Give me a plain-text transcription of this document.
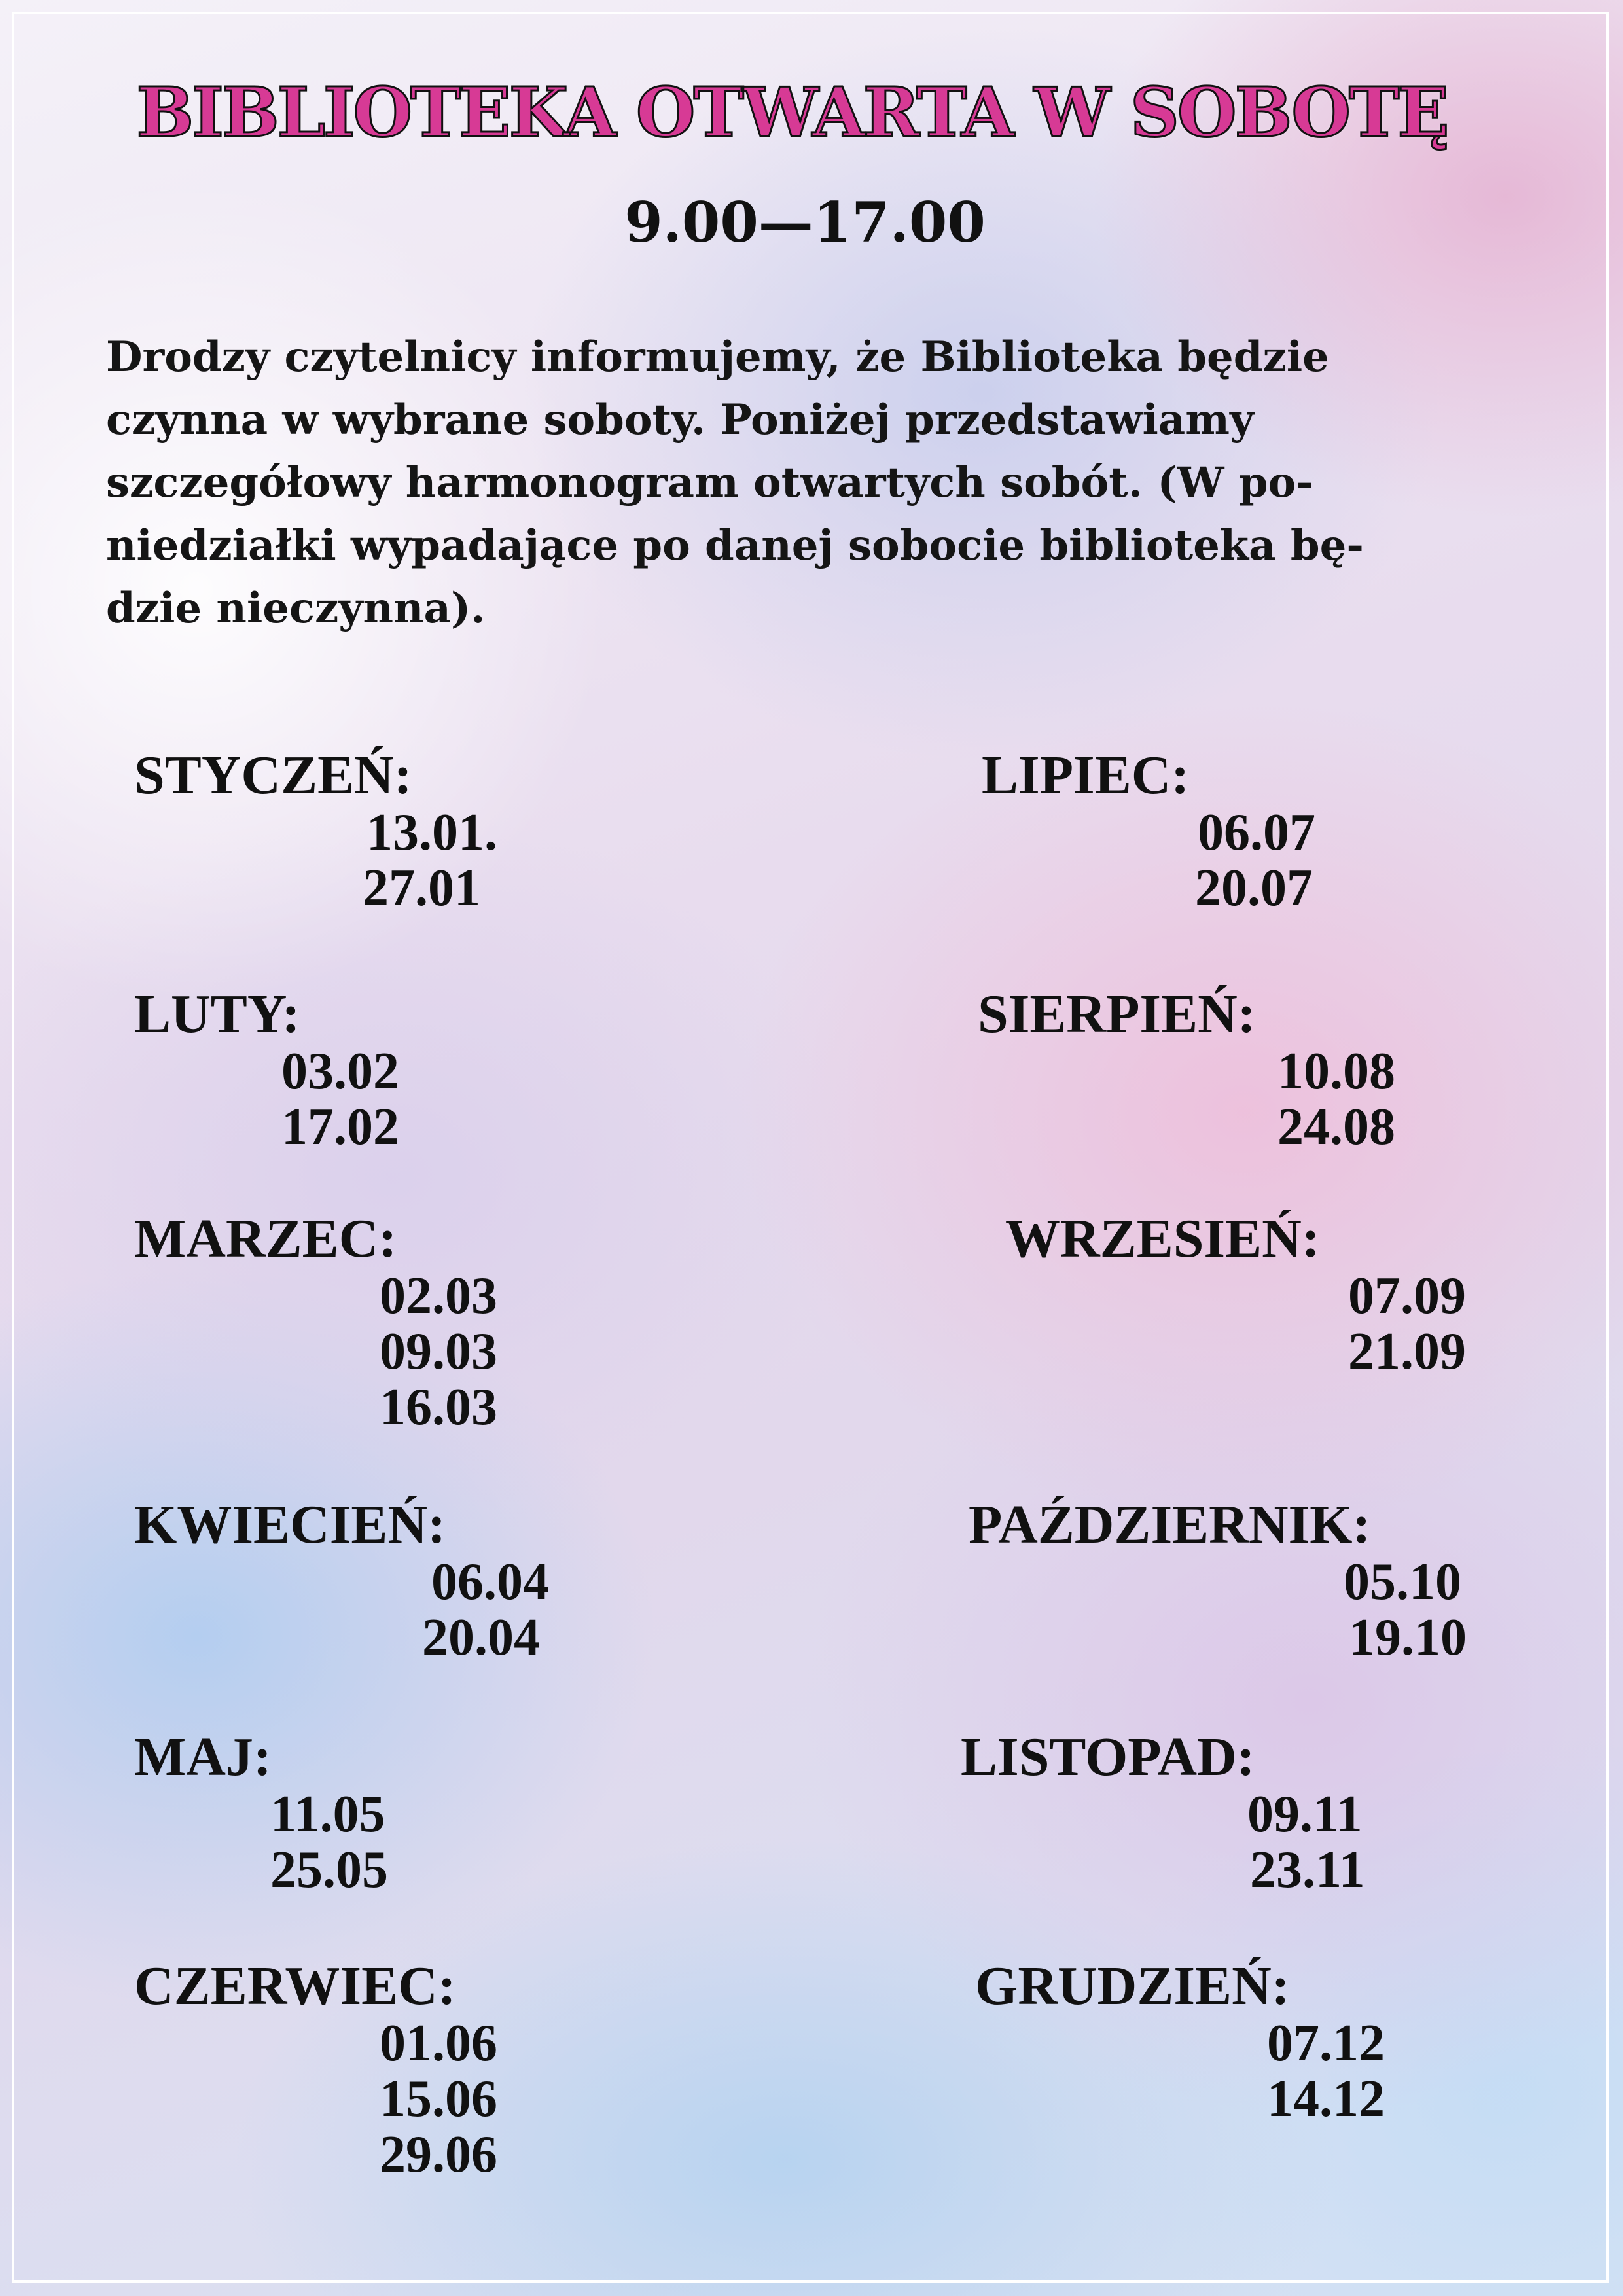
BIBLIOTEKA OTWARTA W SOBOTĘ
9.00—17.00
Drodzy czytelnicy informujemy, że Biblioteka będzie
czynna w wybrane soboty. Poniżej przedstawiamy
szczegółowy harmonogram otwartych sobót. (W po-
niedziałki wypadające po danej sobocie biblioteka bę-
dzie nieczynna).
STYCZEŃ:
13.01.
27.01
LUTY:
03.02
17.02
MARZEC:
02.03
09.03
16.03
KWIECIEŃ:
06.04
20.04
MAJ:
11.05
25.05
CZERWIEC:
01.06
15.06
29.06
LIPIEC:
06.07
20.07
SIERPIEŃ:
10.08
24.08
WRZESIEŃ:
07.09
21.09
PAŹDZIERNIK:
05.10
19.10
LISTOPAD:
09.11
23.11
GRUDZIEŃ:
07.12
14.12
